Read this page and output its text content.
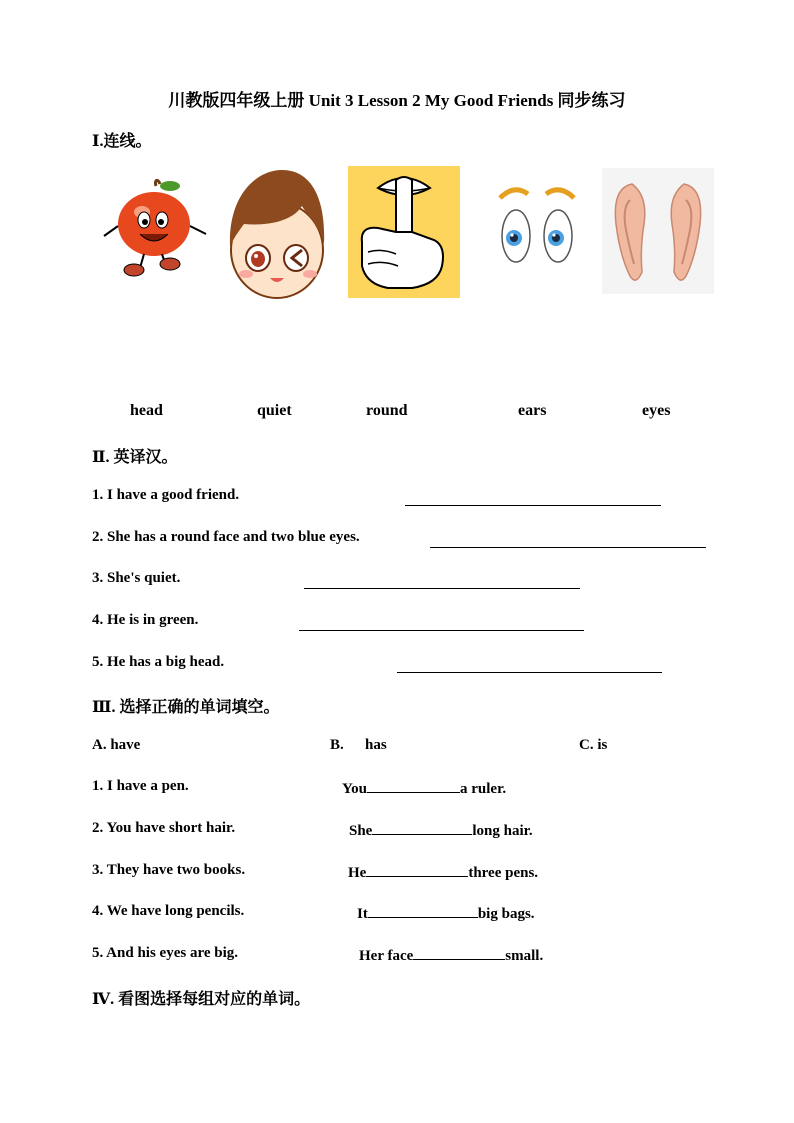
川教版四年级上册 Unit 3 Lesson 2 My Good Friends 同步练习
Ⅰ.连线。
head	quiet	round	ears	eyes
Ⅱ. 英译汉。
1. I have a good friend.
2. She has a round face and two blue eyes.
3. She's quiet.
4. He is in green.
5. He has a big head.
Ⅲ. 选择正确的单词填空。
A. have	B. has	C. is
1. I have a pen.	You	a ruler.
2. You have short hair.	She	long hair.
3. They have two books.	He	three pens.
4. We have long pencils.	It	big bags.
5. And his eyes are big.	Her face	small.
Ⅳ. 看图选择每组对应的单词。
